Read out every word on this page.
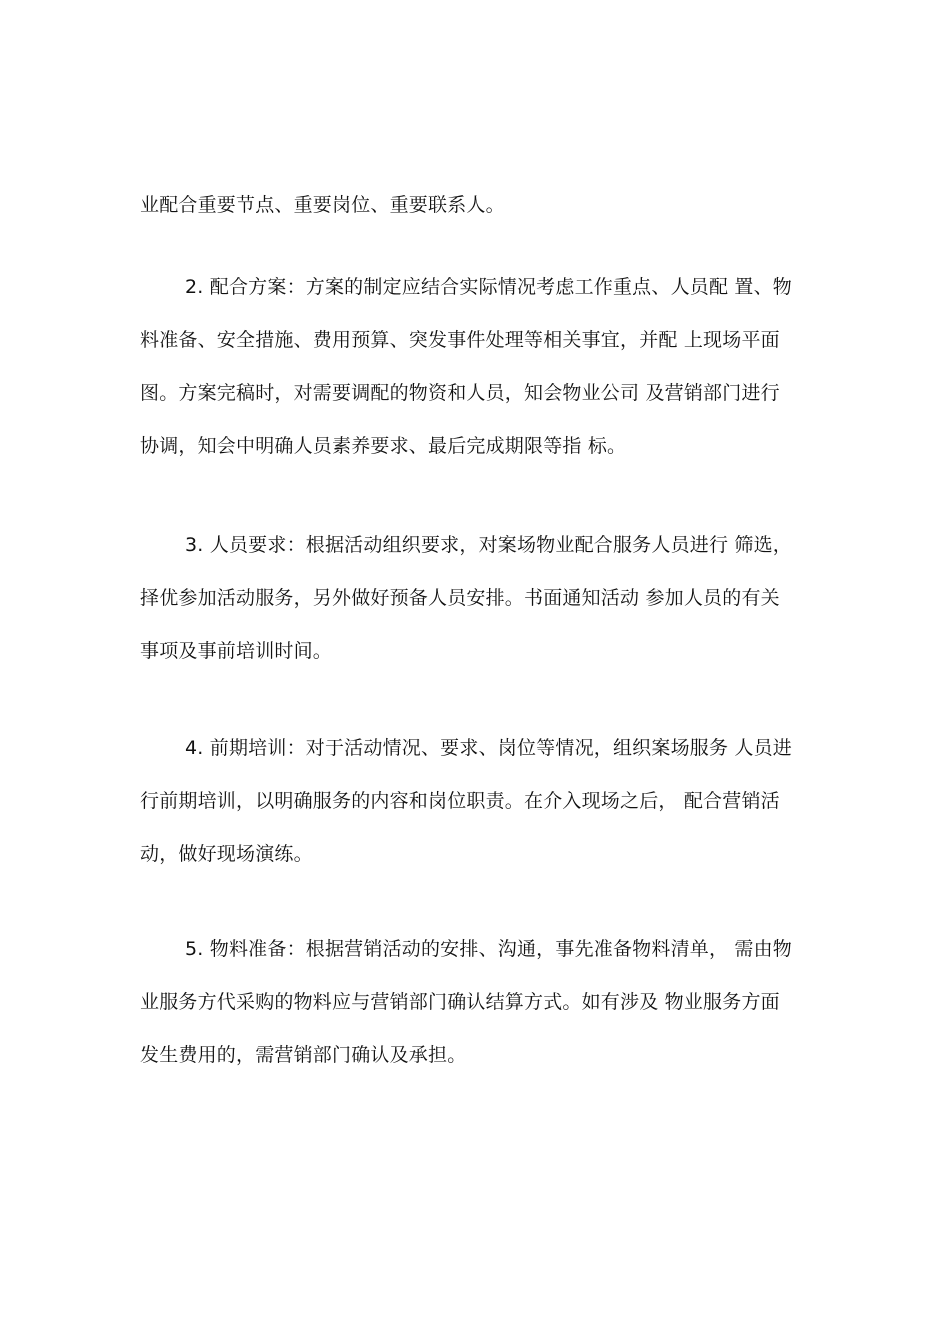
业配合重要节点、重要岗位、重要联系人。
2. 配合方案：方案的制定应结合实际情况考虑工作重点、人员配 置、物
料准备、安全措施、费用预算、突发事件处理等相关事宜，并配 上现场平面
图。方案完稿时，对需要调配的物资和人员，知会物业公司 及营销部门进行
协调，知会中明确人员素养要求、最后完成期限等指 标。
3. 人员要求：根据活动组织要求，对案场物业配合服务人员进行 筛选，
择优参加活动服务，另外做好预备人员安排。书面通知活动 参加人员的有关
事项及事前培训时间。
4. 前期培训：对于活动情况、要求、岗位等情况，组织案场服务 人员进
行前期培训，以明确服务的内容和岗位职责。在介入现场之后， 配合营销活
动，做好现场演练。
5. 物料准备：根据营销活动的安排、沟通，事先准备物料清单， 需由物
业服务方代采购的物料应与营销部门确认结算方式。如有涉及 物业服务方面
发生费用的，需营销部门确认及承担。
